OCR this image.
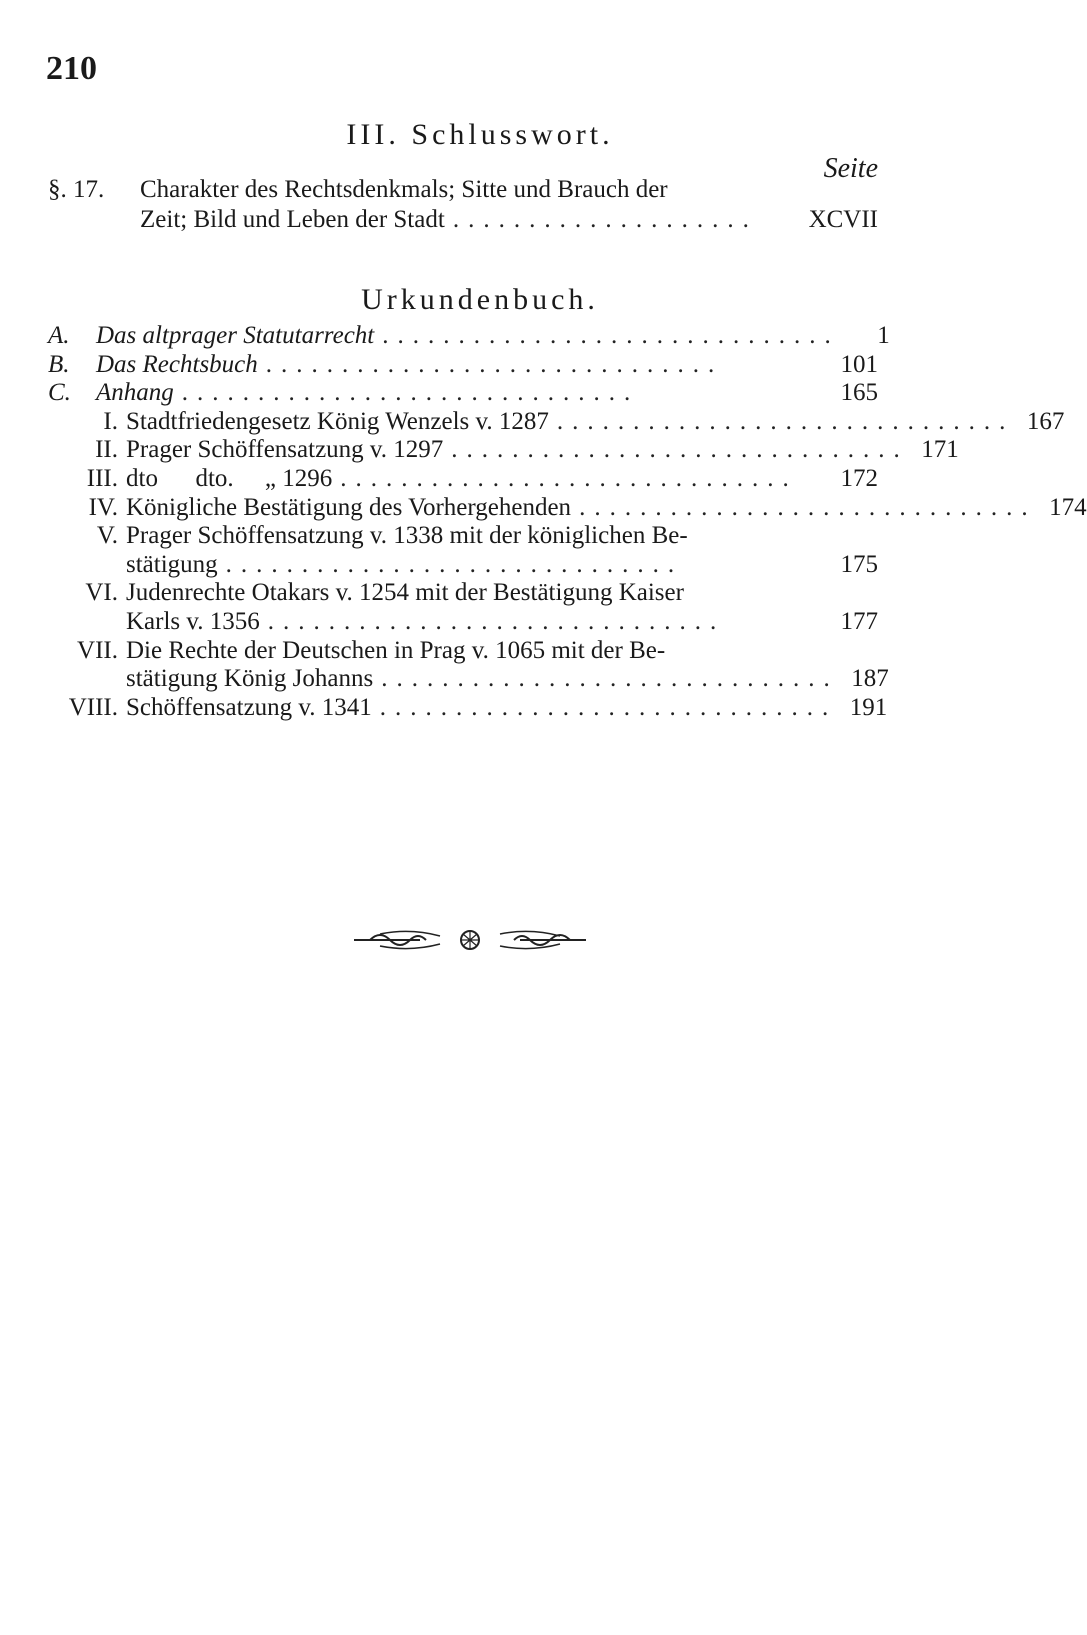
210
III. Schlusswort.
Seite
§. 17.	Charakter des Rechtsdenkmals; Sitte und Brauch der
Zeit; Bild und Leben der Stadt ....................	XCVII
Urkundenbuch.
A.	Das altprager Statutarrecht ..............................	1
B.	Das Rechtsbuch ..............................	101
C.	Anhang ..............................	165
I. Stadtfriedengesetz König Wenzels v. 1287 .............................. 167
II. Prager Schöffensatzung v. 1297 .............................. 171
III. dto      dto.     „ 1296 ..............................	172
IV. Königliche Bestätigung des Vorhergehenden .............................. 174
V. Prager Schöffensatzung v. 1338 mit der königlichen Be-
stätigung ..............................	175
VI. Judenrechte Otakars v. 1254 mit der Bestätigung Kaiser
Karls v. 1356 ..............................	177
VII. Die Rechte der Deutschen in Prag v. 1065 mit der Be-
stätigung König Johanns .............................. 187
VIII. Schöffensatzung v. 1341 .............................. 191
